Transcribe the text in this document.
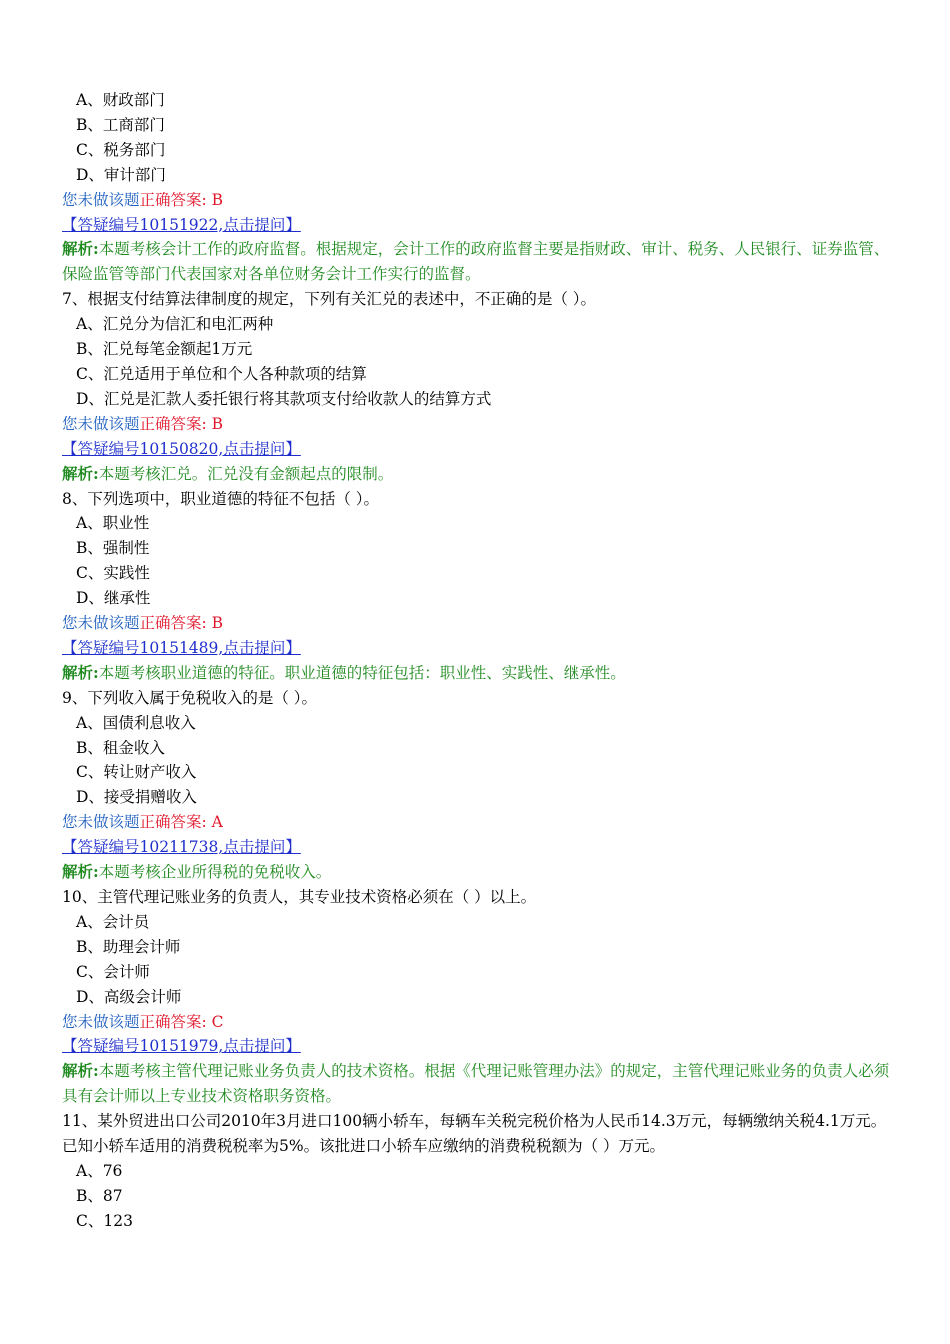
A、财政部门
B、工商部门
C、税务部门
D、审计部门
您未做该题正确答案: B
【答疑编号10151922,点击提问】
解析:本题考核会计工作的政府监督。根据规定，会计工作的政府监督主要是指财政、审计、税务、人民银行、证券监管、保险监管等部门代表国家对各单位财务会计工作实行的监督。
7、根据支付结算法律制度的规定，下列有关汇兑的表述中，不正确的是（ ）。
A、汇兑分为信汇和电汇两种
B、汇兑每笔金额起1万元
C、汇兑适用于单位和个人各种款项的结算
D、汇兑是汇款人委托银行将其款项支付给收款人的结算方式
您未做该题正确答案: B
【答疑编号10150820,点击提问】
解析:本题考核汇兑。汇兑没有金额起点的限制。
8、下列选项中，职业道德的特征不包括（ ）。
A、职业性
B、强制性
C、实践性
D、继承性
您未做该题正确答案: B
【答疑编号10151489,点击提问】
解析:本题考核职业道德的特征。职业道德的特征包括：职业性、实践性、继承性。
9、下列收入属于免税收入的是（ ）。
A、国债利息收入
B、租金收入
C、转让财产收入
D、接受捐赠收入
您未做该题正确答案: A
【答疑编号10211738,点击提问】
解析:本题考核企业所得税的免税收入。
10、主管代理记账业务的负责人，其专业技术资格必须在（ ）以上。
A、会计员
B、助理会计师
C、会计师
D、高级会计师
您未做该题正确答案: C
【答疑编号10151979,点击提问】
解析:本题考核主管代理记账业务负责人的技术资格。根据《代理记账管理办法》的规定，主管代理记账业务的负责人必须具有会计师以上专业技术资格职务资格。
11、某外贸进出口公司2010年3月进口100辆小轿车，每辆车关税完税价格为人民币14.3万元，每辆缴纳关税4.1万元。已知小轿车适用的消费税税率为5%。该批进口小轿车应缴纳的消费税税额为（ ）万元。
A、76
B、87
C、123
